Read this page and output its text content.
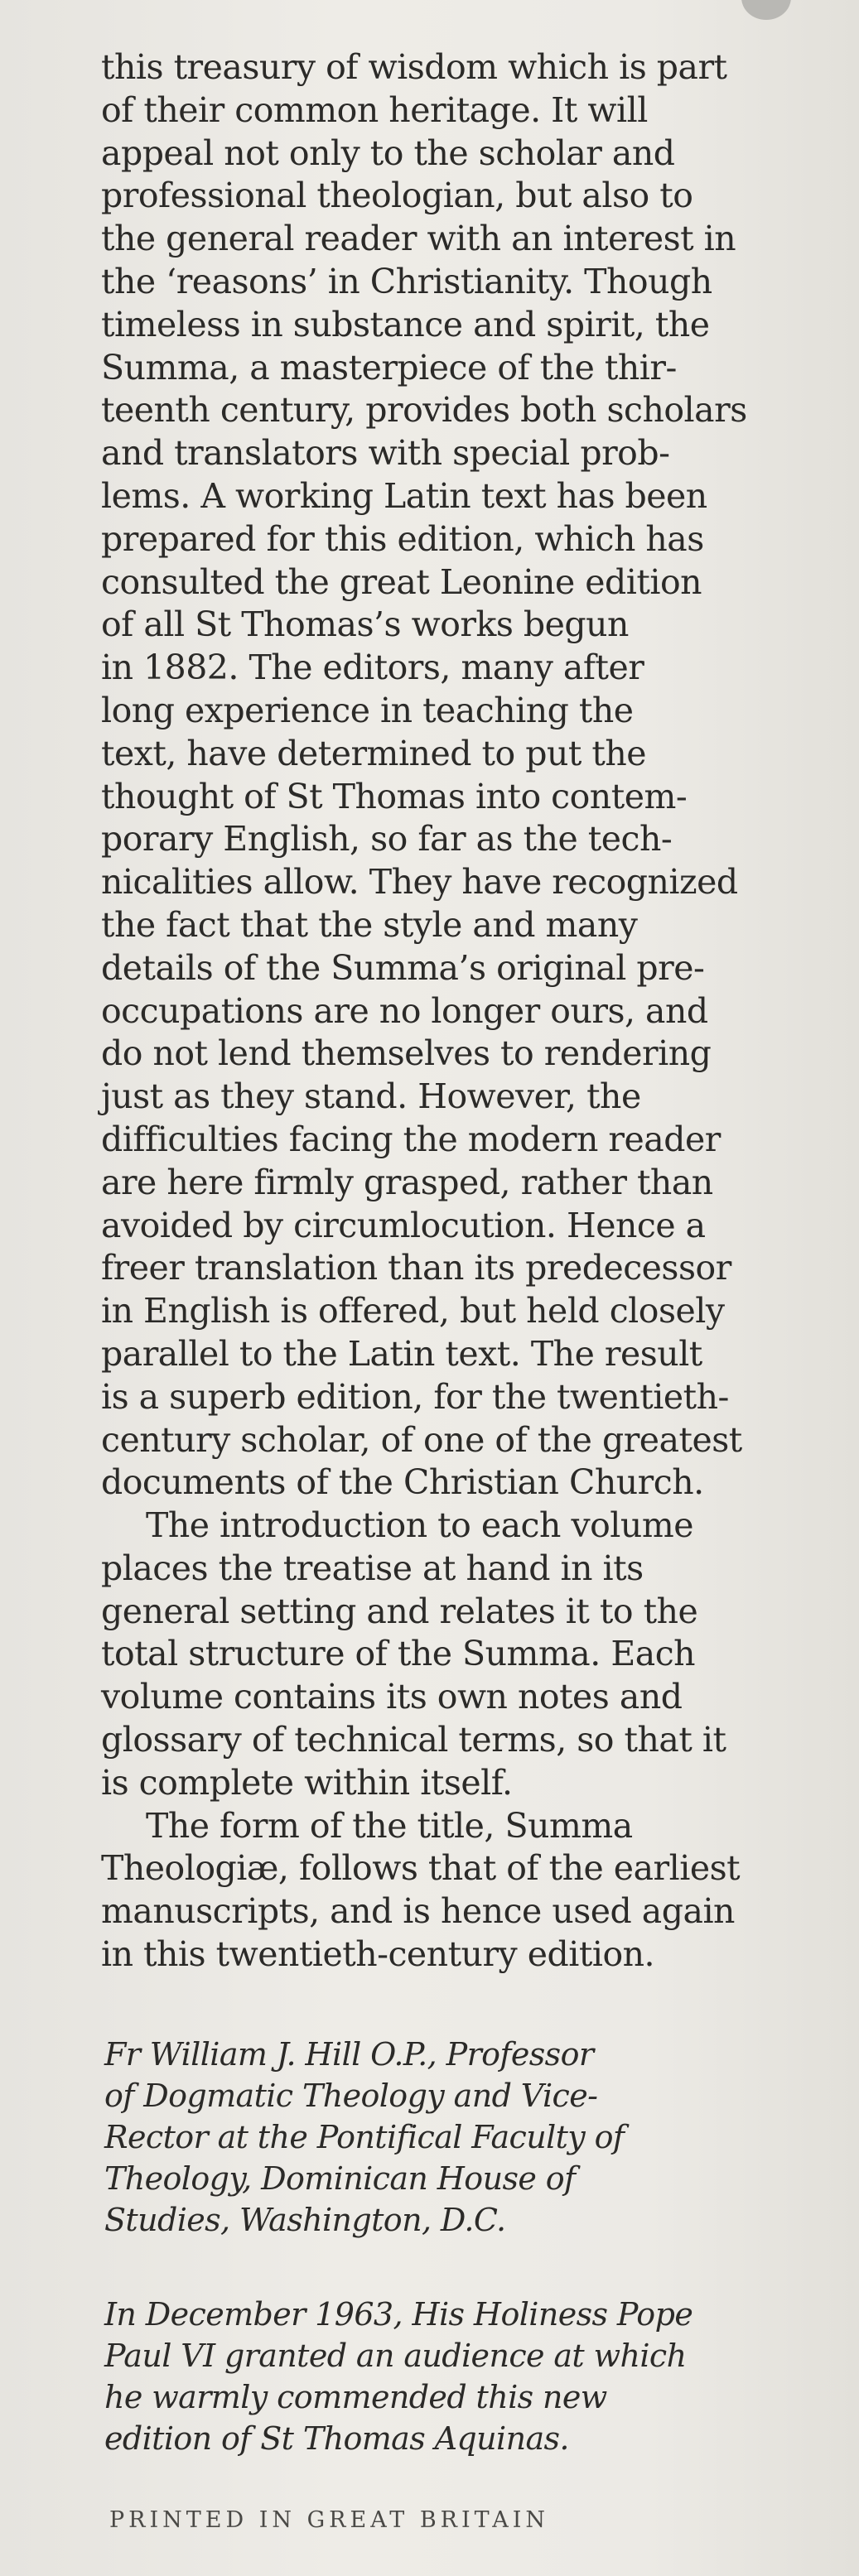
this treasury of wisdom which is part
of their common heritage. It will
appeal not only to the scholar and
professional theologian, but also to
the general reader with an interest in
the ‘reasons’ in Christianity. Though
timeless in substance and spirit, the
Summa, a masterpiece of the thir-
teenth century, provides both scholars
and translators with special prob-
lems. A working Latin text has been
prepared for this edition, which has
consulted the great Leonine edition
of all St Thomas’s works begun
in 1882. The editors, many after
long experience in teaching the
text, have determined to put the
thought of St Thomas into contem-
porary English, so far as the tech-
nicalities allow. They have recognized
the fact that the style and many
details of the Summa’s original pre-
occupations are no longer ours, and
do not lend themselves to rendering
just as they stand. However, the
difficulties facing the modern reader
are here firmly grasped, rather than
avoided by circumlocution. Hence a
freer translation than its predecessor
in English is offered, but held closely
parallel to the Latin text. The result
is a superb edition, for the twentieth-
century scholar, of one of the greatest
documents of the Christian Church.
The introduction to each volume
places the treatise at hand in its
general setting and relates it to the
total structure of the Summa. Each
volume contains its own notes and
glossary of technical terms, so that it
is complete within itself.
The form of the title, Summa
Theologiæ, follows that of the earliest
manuscripts, and is hence used again
in this twentieth-century edition.
Fr William J. Hill O.P., Professor
of Dogmatic Theology and Vice-
Rector at the Pontifical Faculty of
Theology, Dominican House of
Studies, Washington, D.C.
In December 1963, His Holiness Pope
Paul VI granted an audience at which
he warmly commended this new
edition of St Thomas Aquinas.
PRINTED IN GREAT BRITAIN
